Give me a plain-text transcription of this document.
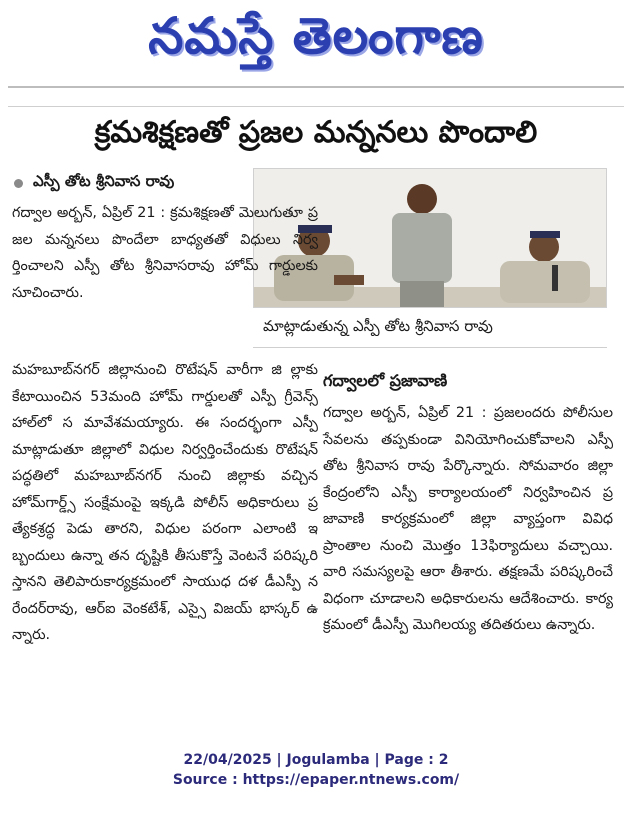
నమస్తే తెలంగాణ
క్రమశిక్షణతో ప్రజల మన్ననలు పొందాలి
ఎస్పీ తోట శ్రీనివాస రావు
మాట్లాడుతున్న ఎస్పీ తోట శ్రీనివాస రావు

గద్వాల అర్బన్, ఏప్రిల్ 21 : క్రమశిక్షణతో మెలుగుతూ ప్రజల మన్ననలు పొందేలా బాధ్యతతో విధులు నిర్వర్తించాలని ఎస్పీ తోట శ్రీనివాసరావు హోమ్ గార్డులకు సూచించారు.

మహబూబ్‌నగర్ జిల్లానుంచి రొటేషన్ వారీగా జి ల్లాకు కేటాయించిన 53మంది హోమ్ గార్డులతో ఎస్పీ గ్రీవెన్స్ హాల్‌లో స మావేశమయ్యారు. ఈ సందర్భంగా ఎస్పీ మాట్లాడుతూ జిల్లాలో విధుల నిర్వర్తించేందుకు రొటేషన్ పద్ధతిలో మహబూబ్‌నగర్ నుంచి జిల్లాకు వచ్చిన హోమ్‌గార్డ్స్ సంక్షేమంపై ఇక్కడి పోలీస్ అధికారులు ప్రత్యేకశ్రద్ధ పెడు తారని, విధుల పరంగా ఎలాంటి ఇబ్బందులు ఉన్నా తన దృష్టికి తీసుకొస్తే వెంటనే పరిష్కరి స్తానని తెలిపారుకార్యక్రమంలో సాయుధ దళ డీఎస్పీ నరేందర్‌రావు, ఆర్‌ఐ వెంకటేశ్, ఎస్సై విజయ్ భాస్కర్ ఉన్నారు.

గద్వాలలో ప్రజావాణి

గద్వాల అర్బన్, ఏప్రిల్ 21 : ప్రజలందరు పోలీసుల సేవలను తప్పకుండా వినియోగించుకోవాలని ఎస్పీ తోట శ్రీనివాస రావు పేర్కొన్నారు. సోమవారం జిల్లా కేంద్రంలోని ఎస్పీ కార్యాలయంలో నిర్వహించిన ప్రజావాణి కార్యక్రమంలో జిల్లా వ్యాప్తంగా వివిధ ప్రాంతాల నుంచి మొత్తం 13ఫిర్యాదులు వచ్చాయి. వారి సమస్యలపై ఆరా తీశారు. తక్షణమే పరిష్కరించే విధంగా చూడాలని అధికారులను ఆదేశించారు. కార్యక్రమంలో డీఎస్పీ మొగిలయ్య తదితరులు ఉన్నారు.

22/04/2025 | Jogulamba | Page : 2
Source : https://epaper.ntnews.com/
